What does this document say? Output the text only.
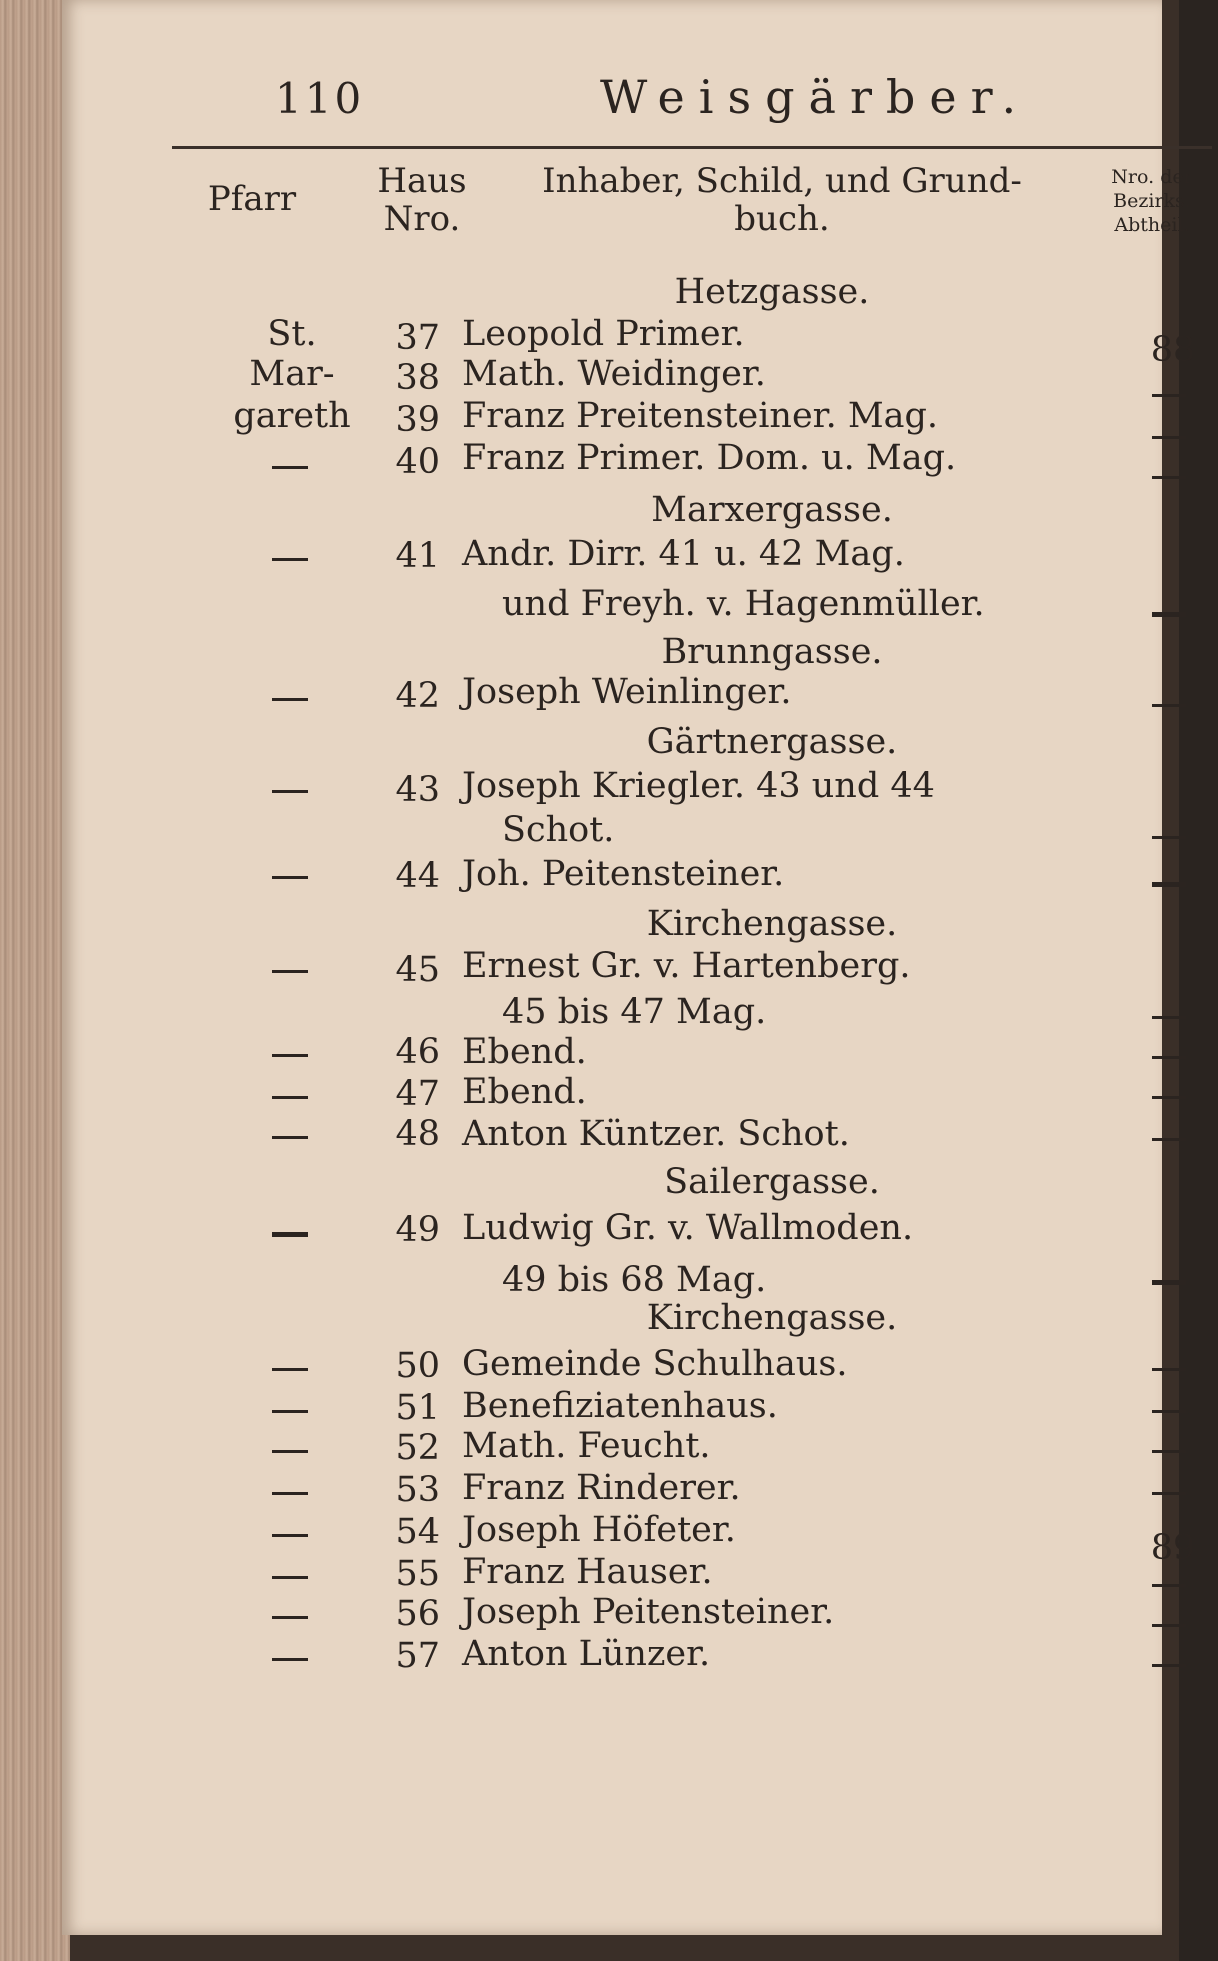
110	Weisgärber.
Pfarr	Haus
Nro.
Inhaber, Schild, und Grund-
buch.
Nro. der
Bezirks.
Abtheil.
Hetzgasse.
Marxergasse.
Brunngasse.
Gärtnergasse.
Kirchengasse.
Sailergasse.
Kirchengasse.
St.
Mar-
gareth
37
38
39
40
41
42
43
44
45
46
47
48
49
50
51
52
53
54
55
56
57
Leopold Primer.
Math. Weidinger.
Franz Preitensteiner. Mag.
Franz Primer. Dom. u. Mag.
Andr. Dirr. 41 u. 42 Mag.
und Freyh. v. Hagenmüller.
Joseph Weinlinger.
Joseph Kriegler. 43 und 44
Schot.
Joh. Peitensteiner.
Ernest Gr. v. Hartenberg.
45 bis 47 Mag.
Ebend.
Ebend.
Anton Küntzer. Schot.
Ludwig Gr. v. Wallmoden.
49 bis 68 Mag.
Gemeinde Schulhaus.
Benefiziatenhaus.
Math. Feucht.
Franz Rinderer.
Joseph Höfeter.
Franz Hauser.
Joseph Peitensteiner.
Anton Lünzer.
88
89
